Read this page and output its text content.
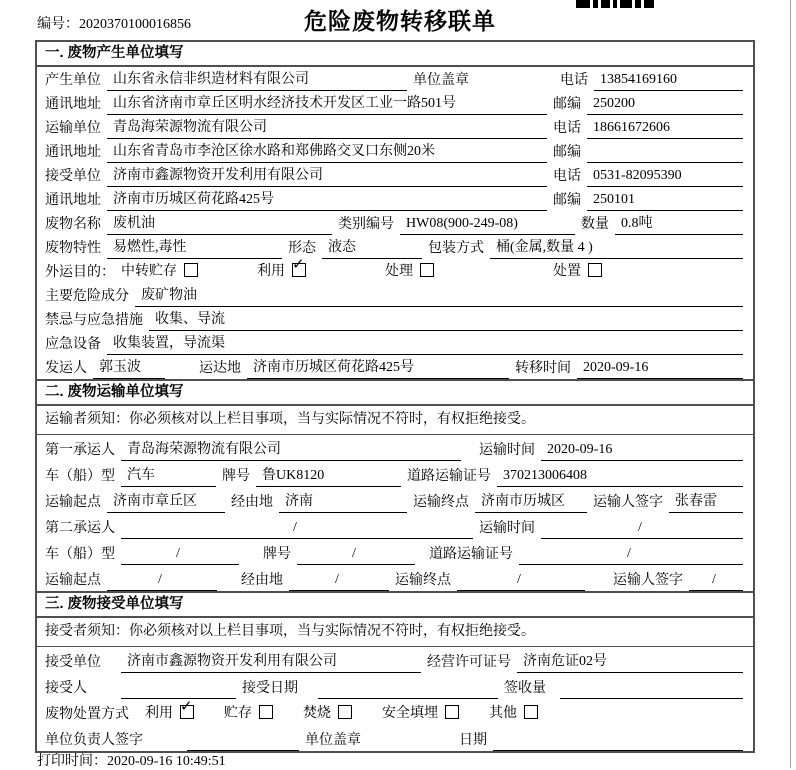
编号：2020370100016856	危险废物转移联单
一. 废物产生单位填写
产生单位 山东省永信非织造材料有限公司	单位盖章	电话 13854169160
通讯地址 山东省济南市章丘区明水经济技术开发区工业一路501号	邮编 250200
运输单位 青岛海荣源物流有限公司	电话 18661672606
通讯地址 山东省青岛市李沧区徐水路和郑佛路交叉口东侧20米	邮编
接受单位 济南市鑫源物资开发利用有限公司	电话 0531-82095390
通讯地址 济南市历城区荷花路425号	邮编 250101
废物名称 废机油	类别编号 HW08(900-249-08)	数量 0.8吨
废物特性 易燃性,毒性	形态 液态	包装方式 桶(金属,数量 4 )
外运目的： 中转贮存	利用 ✓	处理	处置
主要危险成分 废矿物油
禁忌与应急措施 收集、导流
应急设备 收集装置，导流渠
发运人 郭玉波	运达地 济南市历城区荷花路425号	转移时间 2020-09-16
二. 废物运输单位填写
运输者须知：你必须核对以上栏目事项，当与实际情况不符时，有权拒绝接受。
第一承运人 青岛海荣源物流有限公司	运输时间 2020-09-16
车（船）型 汽车	牌号 鲁UK8120	道路运输证号 370213006408
运输起点 济南市章丘区	经由地 济南	运输终点 济南市历城区	运输人签字 张春雷
第二承运人	/	运输时间	/
车（船）型	/	牌号	/	道路运输证号	/
运输起点	/	经由地	/	运输终点	/	运输人签字	/
三. 废物接受单位填写
接受者须知：你必须核对以上栏目事项，当与实际情况不符时，有权拒绝接受。
接受单位	济南市鑫源物资开发利用有限公司	经营许可证号 济南危证02号
接受人	接受日期	签收量
废物处置方式 利用 ✓ 贮存	焚烧	安全填埋	其他
单位负责人签字	单位盖章	日期
打印时间：2020-09-16 10:49:51
